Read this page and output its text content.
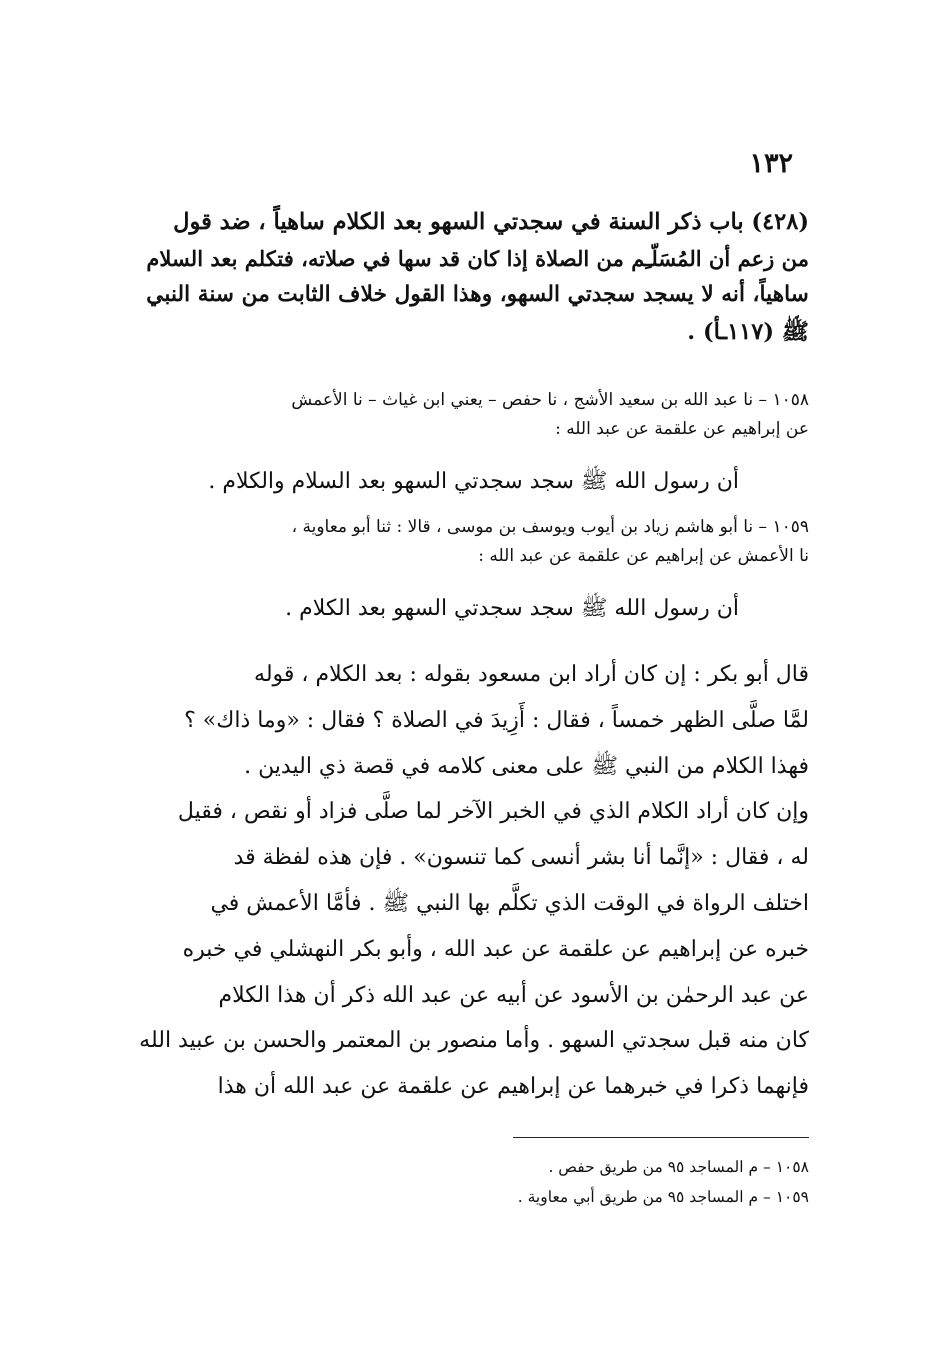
١٣٢
(٤٢٨) باب ذكر السنة في سجدتي السهو بعد الكلام ساهياً ، ضد قول
من زعم أن المُسَلّـِم من الصلاة إذا كان قد سها في صلاته، فتكلم بعد السلام
ساهياً، أنه لا يسجد سجدتي السهو، وهذا القول خلاف الثابت من سنة النبي
ﷺ (١١٧ـأ) .
١٠٥٨ – نا عبد الله بن سعيد الأشج ، نا حفص – يعني ابن غياث – نا الأعمش
عن إبراهيم عن علقمة عن عبد الله :
أن رسول الله ﷺ سجد سجدتي السهو بعد السلام والكلام .
١٠٥٩ – نا أبو هاشم زياد بن أيوب ويوسف بن موسى ، قالا : ثنا أبو معاوية ،
نا الأعمش عن إبراهيم عن علقمة عن عبد الله :
أن رسول الله ﷺ سجد سجدتي السهو بعد الكلام .
قال أبو بكر : إن كان أراد ابن مسعود بقوله : بعد الكلام ، قوله
لمَّا صلَّى الظهر خمساً ، فقال : أَزِيدَ في الصلاة ؟ فقال : «وما ذاك» ؟
فهذا الكلام من النبي ﷺ على معنى كلامه في قصة ذي اليدين .
وإن كان أراد الكلام الذي في الخبر الآخر لما صلَّى فزاد أو نقص ، فقيل
له ، فقال : «إنَّما أنا بشر أنسى كما تنسون» . فإن هذه لفظة قد
اختلف الرواة في الوقت الذي تكلَّم بها النبي ﷺ . فأمَّا الأعمش في
خبره عن إبراهيم عن علقمة عن عبد الله ، وأبو بكر النهشلي في خبره
عن عبد الرحمٰن بن الأسود عن أبيه عن عبد الله ذكر أن هذا الكلام
كان منه قبل سجدتي السهو . وأما منصور بن المعتمر والحسن بن عبيد الله
فإنهما ذكرا في خبرهما عن إبراهيم عن علقمة عن عبد الله أن هذا

١٠٥٨ – م المساجد ٩٥ من طريق حفص .

١٠٥٩ – م المساجد ٩٥ من طريق أبي معاوية .
